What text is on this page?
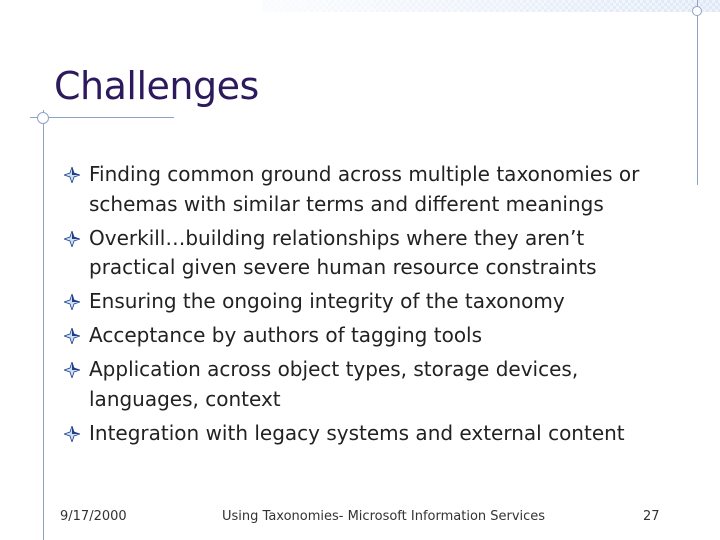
Challenges
Finding common ground across multiple taxonomies or
schemas with similar terms and different meanings
Overkill…building relationships where they aren’t
practical given severe human resource constraints
Ensuring the ongoing integrity of the taxonomy
Acceptance by authors of tagging tools
Application across object types, storage devices,
languages, context
Integration with legacy systems and external content
9/17/2000	Using Taxonomies- Microsoft Information Services	27
